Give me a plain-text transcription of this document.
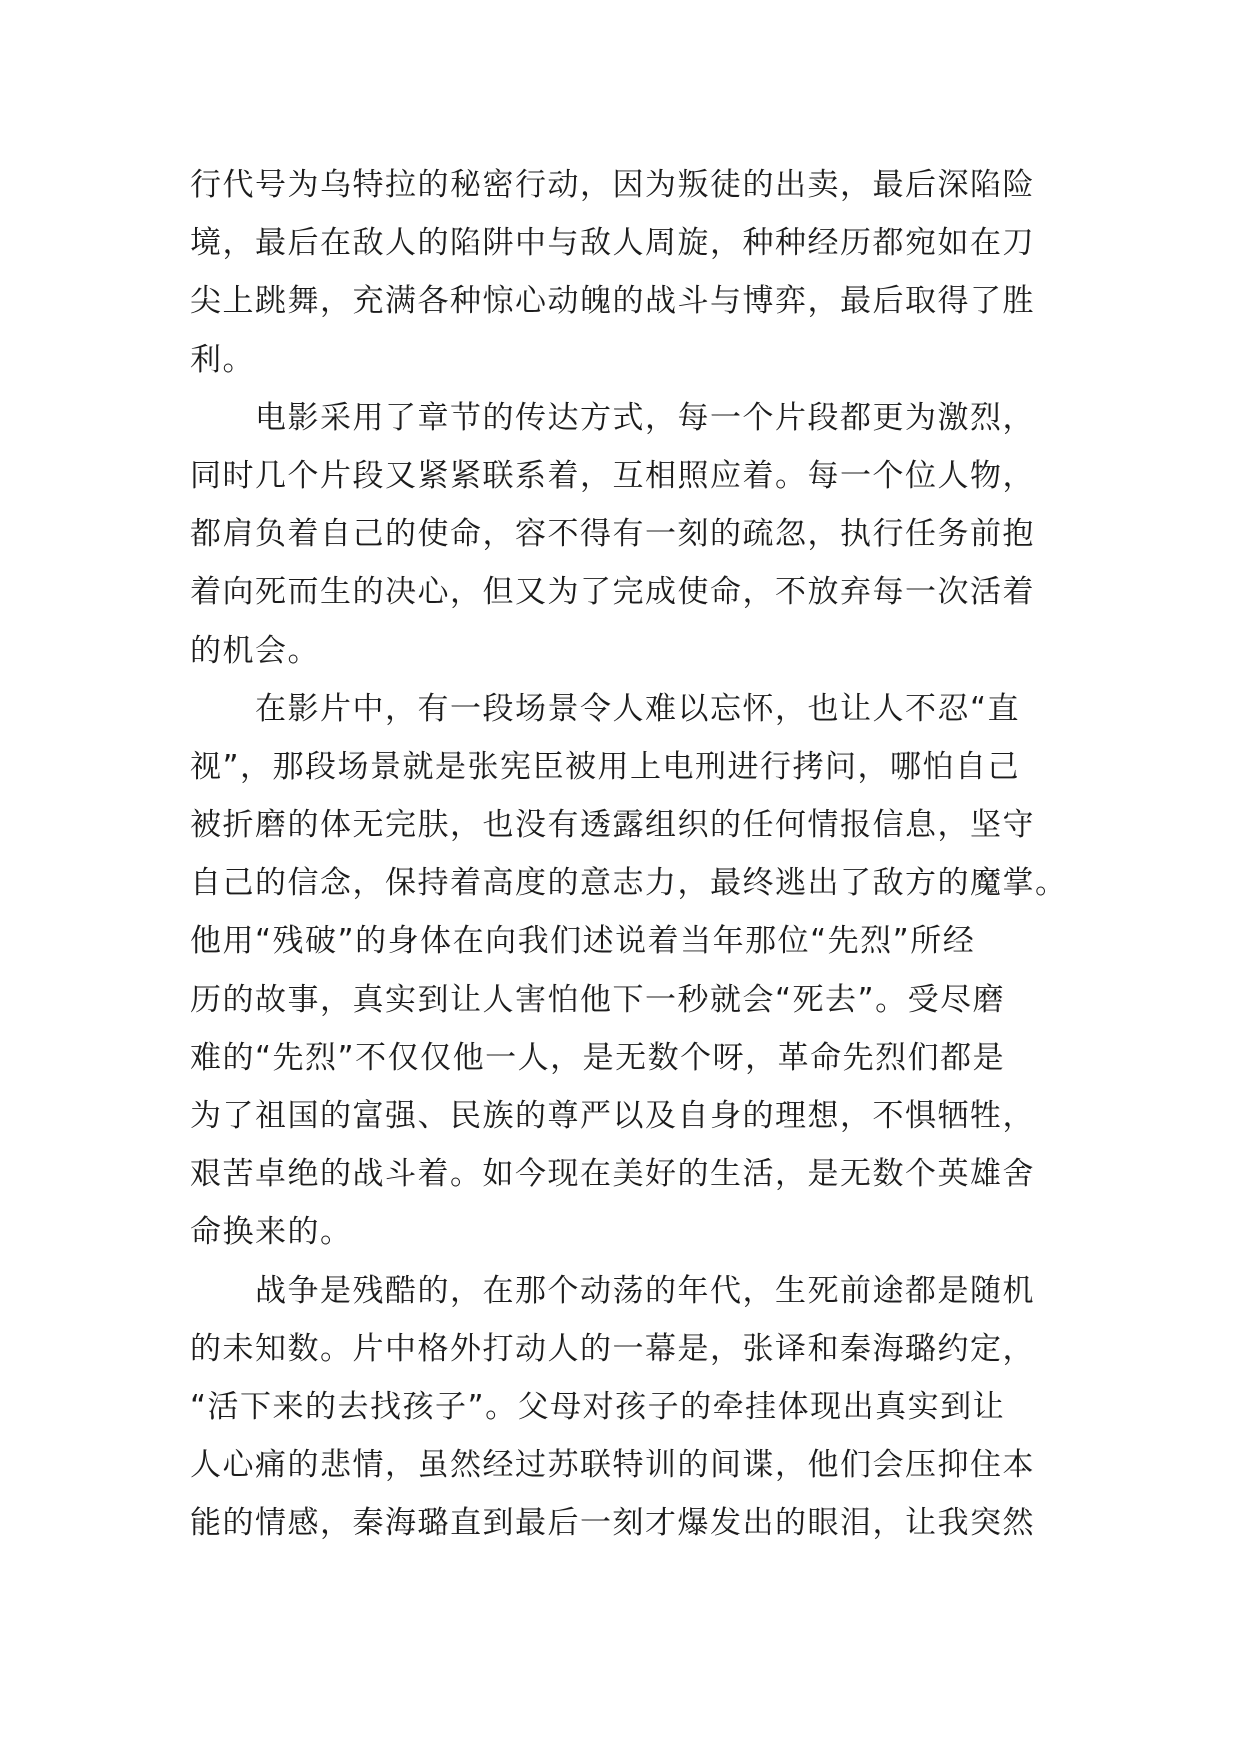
行代号为乌特拉的秘密行动，因为叛徒的出卖，最后深陷险
境，最后在敌人的陷阱中与敌人周旋，种种经历都宛如在刀
尖上跳舞，充满各种惊心动魄的战斗与博弈，最后取得了胜
利。
　　电影采用了章节的传达方式，每一个片段都更为激烈，
同时几个片段又紧紧联系着，互相照应着。每一个位人物，
都肩负着自己的使命，容不得有一刻的疏忽，执行任务前抱
着向死而生的决心，但又为了完成使命，不放弃每一次活着
的机会。
　　在影片中，有一段场景令人难以忘怀，也让人不忍“直
视”，那段场景就是张宪臣被用上电刑进行拷问，哪怕自己
被折磨的体无完肤，也没有透露组织的任何情报信息，坚守
自己的信念，保持着高度的意志力，最终逃出了敌方的魔掌。
他用“残破”的身体在向我们述说着当年那位“先烈”所经
历的故事，真实到让人害怕他下一秒就会“死去”。受尽磨
难的“先烈”不仅仅他一人，是无数个呀，革命先烈们都是
为了祖国的富强、民族的尊严以及自身的理想，不惧牺牲，
艰苦卓绝的战斗着。如今现在美好的生活，是无数个英雄舍
命换来的。
　　战争是残酷的，在那个动荡的年代，生死前途都是随机
的未知数。片中格外打动人的一幕是，张译和秦海璐约定，
“活下来的去找孩子”。父母对孩子的牵挂体现出真实到让
人心痛的悲情，虽然经过苏联特训的间谍，他们会压抑住本
能的情感，秦海璐直到最后一刻才爆发出的眼泪，让我突然
